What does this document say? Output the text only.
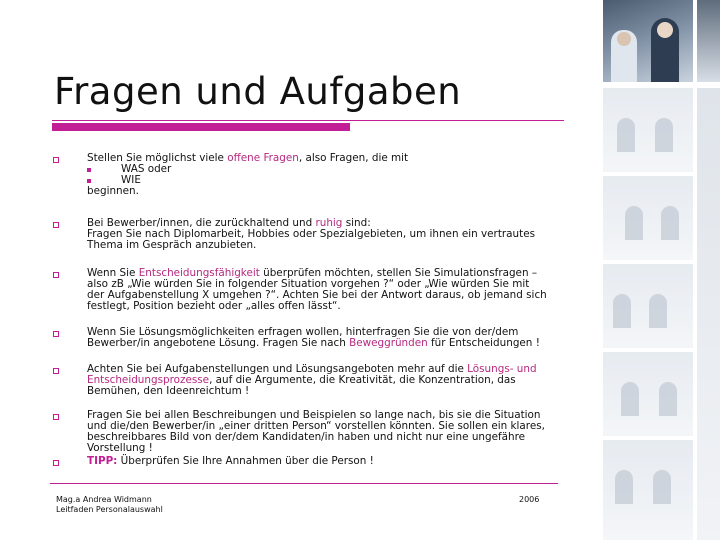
Fragen und Aufgaben

Stellen Sie möglichst viele offene Fragen, also Fragen, die mit

WAS oder

WIE

beginnen.

Bei Bewerber/innen, die zurückhaltend und ruhig sind:

Fragen Sie nach Diplomarbeit, Hobbies oder Spezialgebieten, um ihnen ein vertrautes

Thema im Gespräch anzubieten.

Wenn Sie Entscheidungsfähigkeit überprüfen möchten, stellen Sie Simulationsfragen –

also zB „Wie würden Sie in folgender Situation vorgehen ?“ oder „Wie würden Sie mit

der Aufgabenstellung X umgehen ?“. Achten Sie bei der Antwort daraus, ob jemand sich

festlegt, Position bezieht oder „alles offen lässt“.

Wenn Sie Lösungsmöglichkeiten erfragen wollen, hinterfragen Sie die von der/dem

Bewerber/in angebotene Lösung. Fragen Sie nach Beweggründen für Entscheidungen !

Achten Sie bei Aufgabenstellungen und Lösungsangeboten mehr auf die Lösungs- und

Entscheidungsprozesse, auf die Argumente, die Kreativität, die Konzentration, das

Bemühen, den Ideenreichtum !

Fragen Sie bei allen Beschreibungen und Beispielen so lange nach, bis sie die Situation

und die/den Bewerber/in „einer dritten Person“ vorstellen könnten. Sie sollen ein klares,

beschreibbares Bild von der/dem Kandidaten/in haben und nicht nur eine ungefähre

Vorstellung !

TIPP: Überprüfen Sie Ihre Annahmen über die Person !

Mag.a Andrea Widmann
Leitfaden Personalauswahl
2006
